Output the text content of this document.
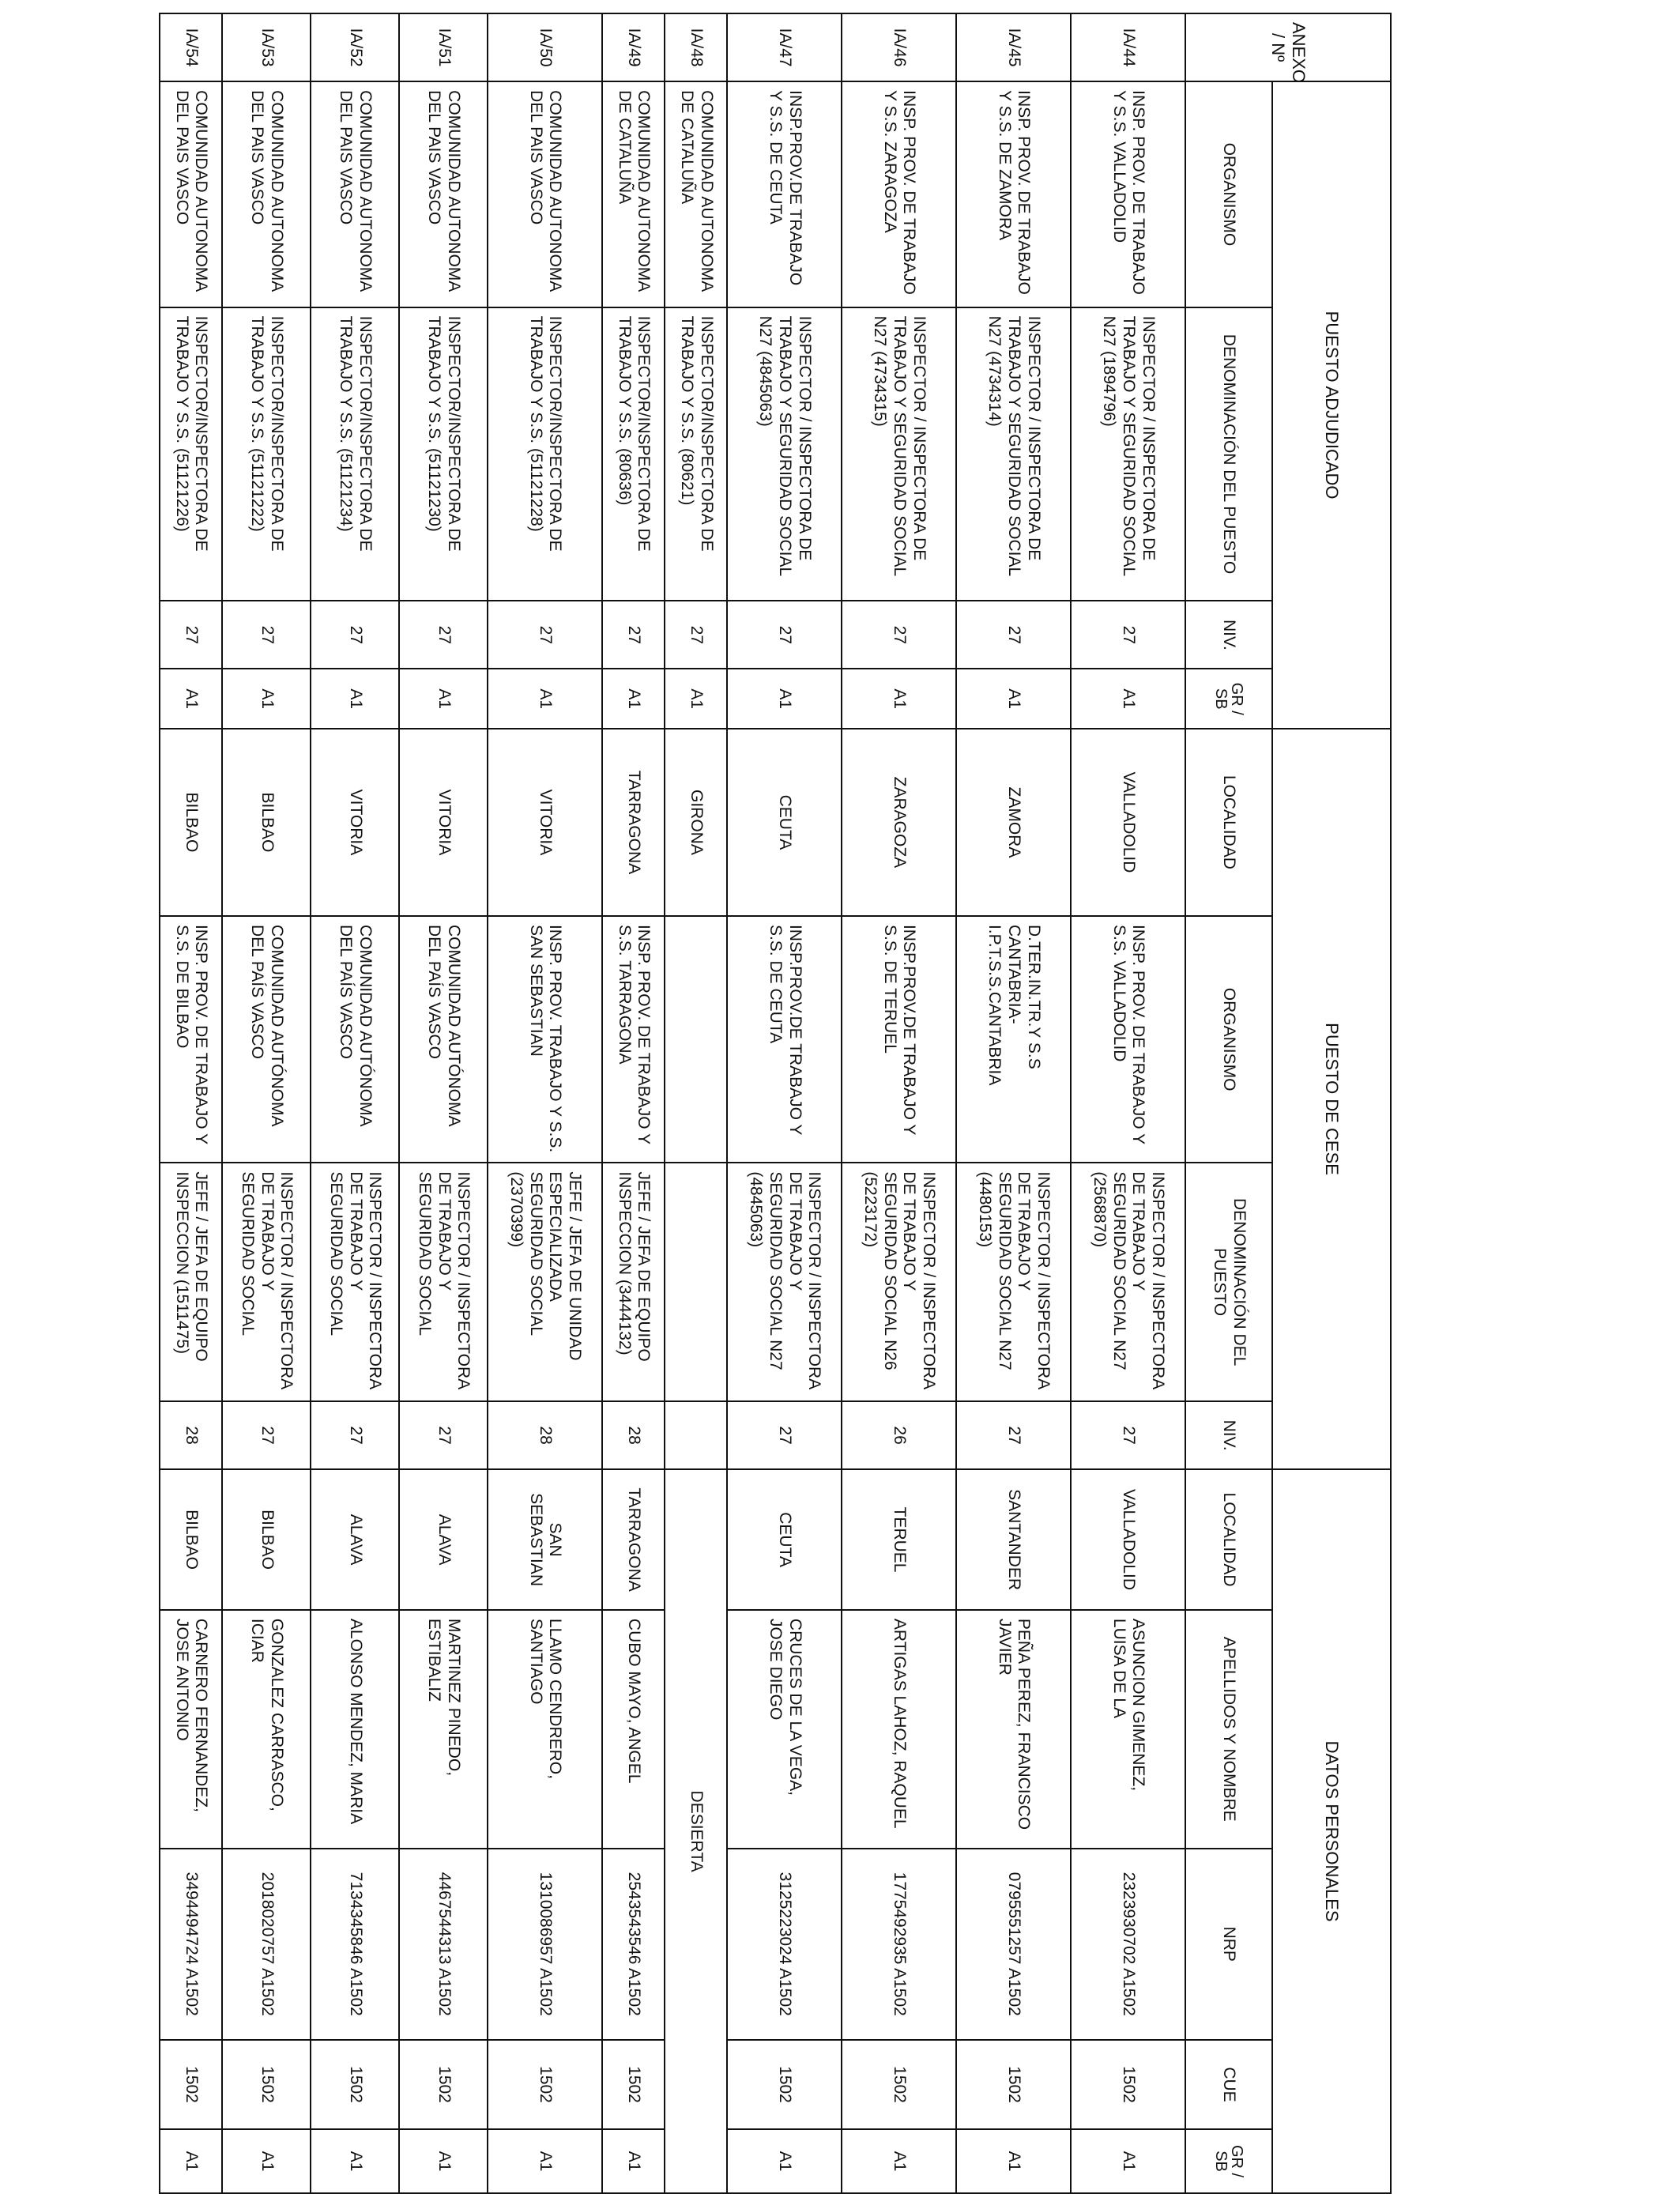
ANEXO / Nº	PUESTO ADJUDICADO				PUESTO DE CESE				DATOS PERSONALES				
	ORGANISMO	DENOMINACIÓN DEL PUESTO	NIV.	GR / SB	LOCALIDAD	ORGANISMO	DENOMINACIÓN DEL PUESTO	NIV.	LOCALIDAD	APELLIDOS Y NOMBRE	NRP	CUE	GR / SB
IA/44	INSP. PROV. DE TRABAJO Y S.S. VALLADOLID	INSPECTOR / INSPECTORA DE TRABAJO Y SEGURIDAD SOCIAL N27 (1894796)	27	A1	VALLADOLID	INSP. PROV. DE TRABAJO Y S.S. VALLADOLID	INSPECTOR / INSPECTORA DE TRABAJO Y SEGURIDAD SOCIAL N27 (2568870)	27	VALLADOLID	ASUNCION GIMENEZ, LUISA DE LA	2323930702 A1502	1502	A1
IA/45	INSP. PROV. DE TRABAJO Y S.S. DE ZAMORA	INSPECTOR / INSPECTORA DE TRABAJO Y SEGURIDAD SOCIAL N27 (4734314)	27	A1	ZAMORA	D.TER.IN.TR.Y S.S CANTABRIA-I.P.T.S.S.CANTABRIA	INSPECTOR / INSPECTORA DE TRABAJO Y SEGURIDAD SOCIAL N27 (4480153)	27	SANTANDER	PEÑA PEREZ, FRANCISCO JAVIER	0795551257 A1502	1502	A1
IA/46	INSP. PROV. DE TRABAJO Y S.S. ZARAGOZA	INSPECTOR / INSPECTORA DE TRABAJO Y SEGURIDAD SOCIAL N27 (4734315)	27	A1	ZARAGOZA	INSP.PROV.DE TRABAJO Y S.S. DE TERUEL	INSPECTOR / INSPECTORA DE TRABAJO Y SEGURIDAD SOCIAL N26 (5223172)	26	TERUEL	ARTIGAS LAHOZ, RAQUEL	1775492935 A1502	1502	A1
IA/47	INSP.PROV.DE TRABAJO Y S.S. DE CEUTA	INSPECTOR / INSPECTORA DE TRABAJO Y SEGURIDAD SOCIAL N27 (4845063)	27	A1	CEUTA	INSP.PROV.DE TRABAJO Y S.S. DE CEUTA	INSPECTOR / INSPECTORA DE TRABAJO Y SEGURIDAD SOCIAL N27 (4845063)	27	CEUTA	CRUCES DE LA VEGA, JOSE DIEGO	3125223024 A1502	1502	A1
IA/48	COMUNIDAD AUTONOMA DE CATALUÑA	INSPECTOR/INSPECTORA DE TRABAJO Y S.S. (80621)	27	A1	GIRONA				DESIERTA				
IA/49	COMUNIDAD AUTONOMA DE CATALUÑA	INSPECTOR/INSPECTORA DE TRABAJO Y S.S. (80636)	27	A1	TARRAGONA	INSP. PROV. DE TRABAJO Y S.S. TARRAGONA	JEFE / JEFA DE EQUIPO INSPECCION (3444132)	28	TARRAGONA	CUBO MAYO, ANGEL	2543543546 A1502	1502	A1
IA/50	COMUNIDAD AUTONOMA DEL PAIS VASCO	INSPECTOR/INSPECTORA DE TRABAJO Y S.S. (51121228)	27	A1	VITORIA	INSP. PROV. TRABAJO Y S.S. SAN SEBASTIAN	JEFE / JEFA DE UNIDAD ESPECIALIZADA SEGURIDAD SOCIAL (2370399)	28	SAN SEBASTIAN	LLAMO CENDRERO, SANTIAGO	1310086957 A1502	1502	A1
IA/51	COMUNIDAD AUTONOMA DEL PAIS VASCO	INSPECTOR/INSPECTORA DE TRABAJO Y S.S. (51121230)	27	A1	VITORIA	COMUNIDAD AUTÓNOMA DEL PAÍS VASCO	INSPECTOR / INSPECTORA DE TRABAJO Y SEGURIDAD SOCIAL	27	ALAVA	MARTINEZ PINEDO, ESTIBALIZ	4467544313 A1502	1502	A1
IA/52	COMUNIDAD AUTONOMA DEL PAIS VASCO	INSPECTOR/INSPECTORA DE TRABAJO Y S.S. (51121234)	27	A1	VITORIA	COMUNIDAD AUTÓNOMA DEL PAÍS VASCO	INSPECTOR / INSPECTORA DE TRABAJO Y SEGURIDAD SOCIAL	27	ALAVA	ALONSO MENDEZ, MARIA	7134345846 A1502	1502	A1
IA/53	COMUNIDAD AUTONOMA DEL PAIS VASCO	INSPECTOR/INSPECTORA DE TRABAJO Y S.S. (51121222)	27	A1	BILBAO	COMUNIDAD AUTÓNOMA DEL PAÍS VASCO	INSPECTOR / INSPECTORA DE TRABAJO Y SEGURIDAD SOCIAL	27	BILBAO	GONZALEZ CARRASCO, ICIAR	2018020757 A1502	1502	A1
IA/54	COMUNIDAD AUTONOMA DEL PAIS VASCO	INSPECTOR/INSPECTORA DE TRABAJO Y S.S. (51121226)	27	A1	BILBAO	INSP. PROV. DE TRABAJO Y S.S. DE BILBAO	JEFE / JEFA DE EQUIPO INSPECCION (1511475)	28	BILBAO	CARNERO FERNANDEZ, JOSE ANTONIO	3494494724 A1502	1502	A1
